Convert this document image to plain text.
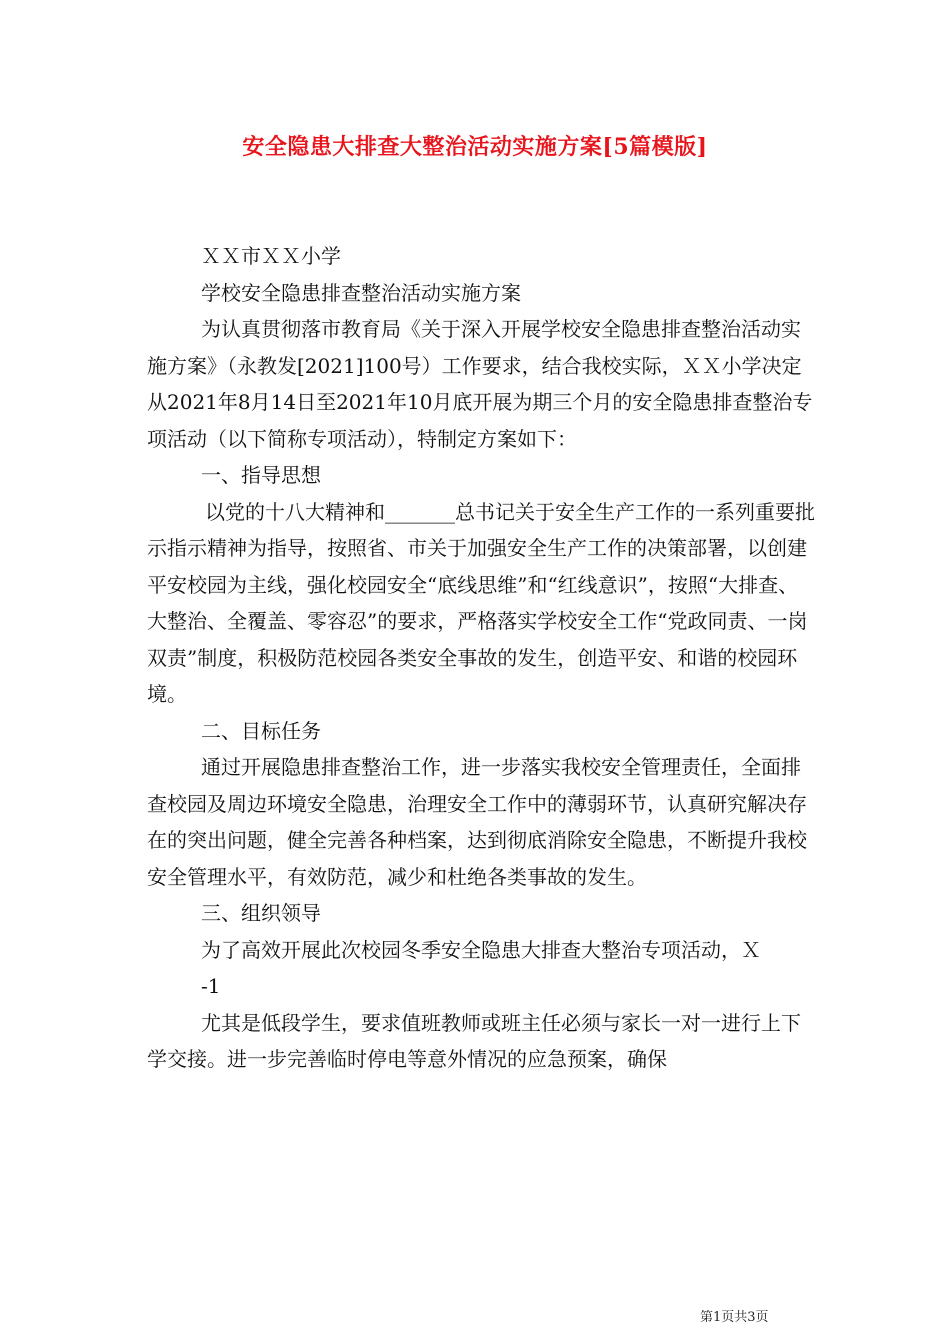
安全隐患大排查大整治活动实施方案[5篇模版]

ＸＸ市ＸＸ小学

学校安全隐患排查整治活动实施方案

为认真贯彻落市教育局《关于深入开展学校安全隐患排查整治活动实施方案》（永教发[2021]100号）工作要求，结合我校实际，ＸＸ小学决定从2021年8月14日至2021年10月底开展为期三个月的安全隐患排查整治专项活动（以下简称专项活动），特制定方案如下：

一、指导思想

以党的十八大精神和_______总书记关于安全生产工作的一系列重要批示指示精神为指导，按照省、市关于加强安全生产工作的决策部署，以创建平安校园为主线，强化校园安全“底线思维”和“红线意识”，按照“大排查、大整治、全覆盖、零容忍”的要求，严格落实学校安全工作“党政同责、一岗双责”制度，积极防范校园各类安全事故的发生，创造平安、和谐的校园环境。

二、目标任务

通过开展隐患排查整治工作，进一步落实我校安全管理责任，全面排查校园及周边环境安全隐患，治理安全工作中的薄弱环节，认真研究解决存在的突出问题，健全完善各种档案，达到彻底消除安全隐患，不断提升我校安全管理水平，有效防范，减少和杜绝各类事故的发生。

三、组织领导

为了高效开展此次校园冬季安全隐患大排查大整治专项活动，Ｘ

-1

尤其是低段学生，要求值班教师或班主任必须与家长一对一进行上下学交接。进一步完善临时停电等意外情况的应急预案，确保

第1页共3页
